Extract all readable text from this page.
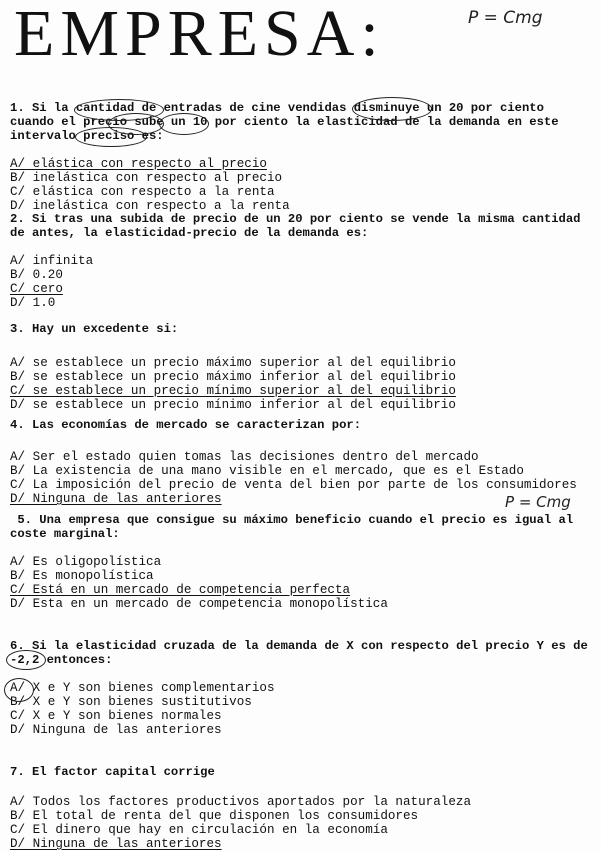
EMPRESA:	P = Cmg

1. Si la cantidad de entradas de cine vendidas disminuye un 20 por ciento cuando el precio sube un 10 por ciento la elasticidad de la demanda en este intervalo preciso es:

A/ elástica con respecto al precio
B/ inelástica con respecto al precio
C/ elástica con respecto a la renta
D/ inelástica con respecto a la renta

2. Si tras una subida de precio de un 20 por ciento se vende la misma cantidad de antes, la elasticidad-precio de la demanda es:

A/ infinita
B/ 0.20
C/ cero
D/ 1.0

3. Hay un excedente si:

A/ se establece un precio máximo superior al del equilibrio
B/ se establece un precio máximo inferior al del equilibrio
C/ se establece un precio mínimo superior al del equilibrio
D/ se establece un precio mínimo inferior al del equilibrio

4. Las economías de mercado se caracterizan por:

A/ Ser el estado quien tomas las decisiones dentro del mercado
B/ La existencia de una mano visible en el mercado, que es el Estado
C/ La imposición del precio de venta del bien por parte de los consumidores
D/ Ninguna de las anteriores	P = Cmg

5. Una empresa que consigue su máximo beneficio cuando el precio es igual al coste marginal:

A/ Es oligopolística
B/ Es monopolística
C/ Está en un mercado de competencia perfecta
D/ Esta en un mercado de competencia monopolística

6. Si la elasticidad cruzada de la demanda de X con respecto del precio Y es de -2,2 entonces:

A/ X e Y son bienes complementarios
B/ X e Y son bienes sustitutivos
C/ X e Y son bienes normales
D/ Ninguna de las anteriores

7. El factor capital corrige

A/ Todos los factores productivos aportados por la naturaleza
B/ El total de renta del que disponen los consumidores
C/ El dinero que hay en circulación en la economía
D/ Ninguna de las anteriores
